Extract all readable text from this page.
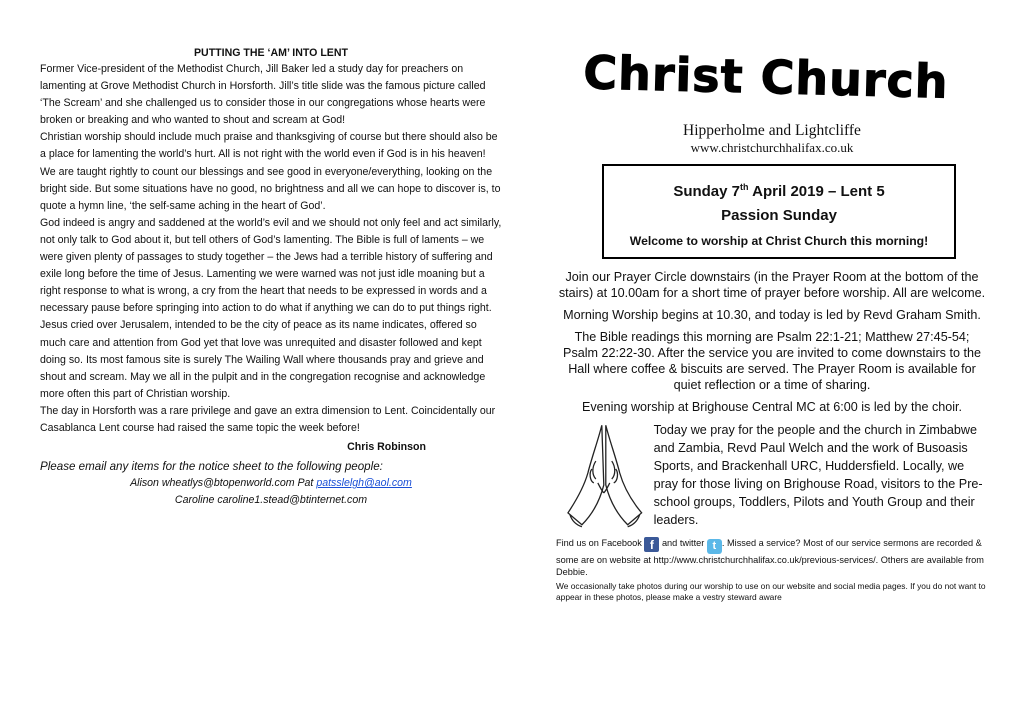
PUTTING THE ‘AM’ INTO LENT

Former Vice-president of the Methodist Church, Jill Baker led a study day for preachers on lamenting at Grove Methodist Church in Horsforth. Jill’s title slide was the famous picture called ‘The Scream’ and she challenged us to consider those in our congregations whose hearts were broken or breaking and who wanted to shout and scream at God!

Christian worship should include much praise and thanksgiving of course but there should also be a place for lamenting the world’s hurt. All is not right with the world even if God is in his heaven! We are taught rightly to count our blessings and see good in everyone/everything, looking on the bright side. But some situations have no good, no brightness and all we can hope to discover is, to quote a hymn line, ‘the self-same aching in the heart of God’.

God indeed is angry and saddened at the world’s evil and we should not only feel and act similarly, not only talk to God about it, but tell others of God’s lamenting. The Bible is full of laments – we were given plenty of passages to study together – the Jews had a terrible history of suffering and exile long before the time of Jesus. Lamenting we were warned was not just idle moaning but a right response to what is wrong, a cry from the heart that needs to be expressed in words and a necessary pause before springing into action to do what if anything we can do to put things right.

Jesus cried over Jerusalem, intended to be the city of peace as its name indicates, offered so much care and attention from God yet that love was unrequited and disaster followed and kept doing so. Its most famous site is surely The Wailing Wall where thousands pray and grieve and shout and scream. May we all in the pulpit and in the congregation recognise and acknowledge more often this part of Christian worship.

The day in Horsforth was a rare privilege and gave an extra dimension to Lent. Coincidentally our Casablanca Lent course had raised the same topic the week before!

Chris Robinson
Please email any items for the notice sheet to the following people:
Alison wheatlys@btopenworld.com Pat patsslelgh@aol.com
Caroline caroline1.stead@btinternet.com
Christ Church
Hipperholme and Lightcliffe
www.christchurchhalifax.co.uk
Sunday 7th April 2019 – Lent 5
Passion Sunday
Welcome to worship at Christ Church this morning!

Join our Prayer Circle downstairs (in the Prayer Room at the bottom of the stairs) at 10.00am for a short time of prayer before worship. All are welcome.

Morning Worship begins at 10.30, and today is led by Revd Graham Smith.

The Bible readings this morning are Psalm 22:1-21; Matthew 27:45-54; Psalm 22:22-30. After the service you are invited to come downstairs to the Hall where coffee & biscuits are served. The Prayer Room is available for quiet reflection or a time of sharing.

Evening worship at Brighouse Central MC at 6:00 is led by the choir.

Today we pray for the people and the church in Zimbabwe and Zambia, Revd Paul Welch and the work of Busoasis Sports, and Brackenhall URC, Huddersfield. Locally, we pray for those living on Brighouse Road, visitors to the Pre-school groups, Toddlers, Pilots and Youth Group and their leaders.
Find us on Facebook f and twitter t . Missed a service? Most of our service sermons are recorded & some are on website at http://www.christchurchhalifax.co.uk/previous-services/. Others are available from Debbie.
We occasionally take photos during our worship to use on our website and social media pages. If you do not want to appear in these photos, please make a vestry steward aware
